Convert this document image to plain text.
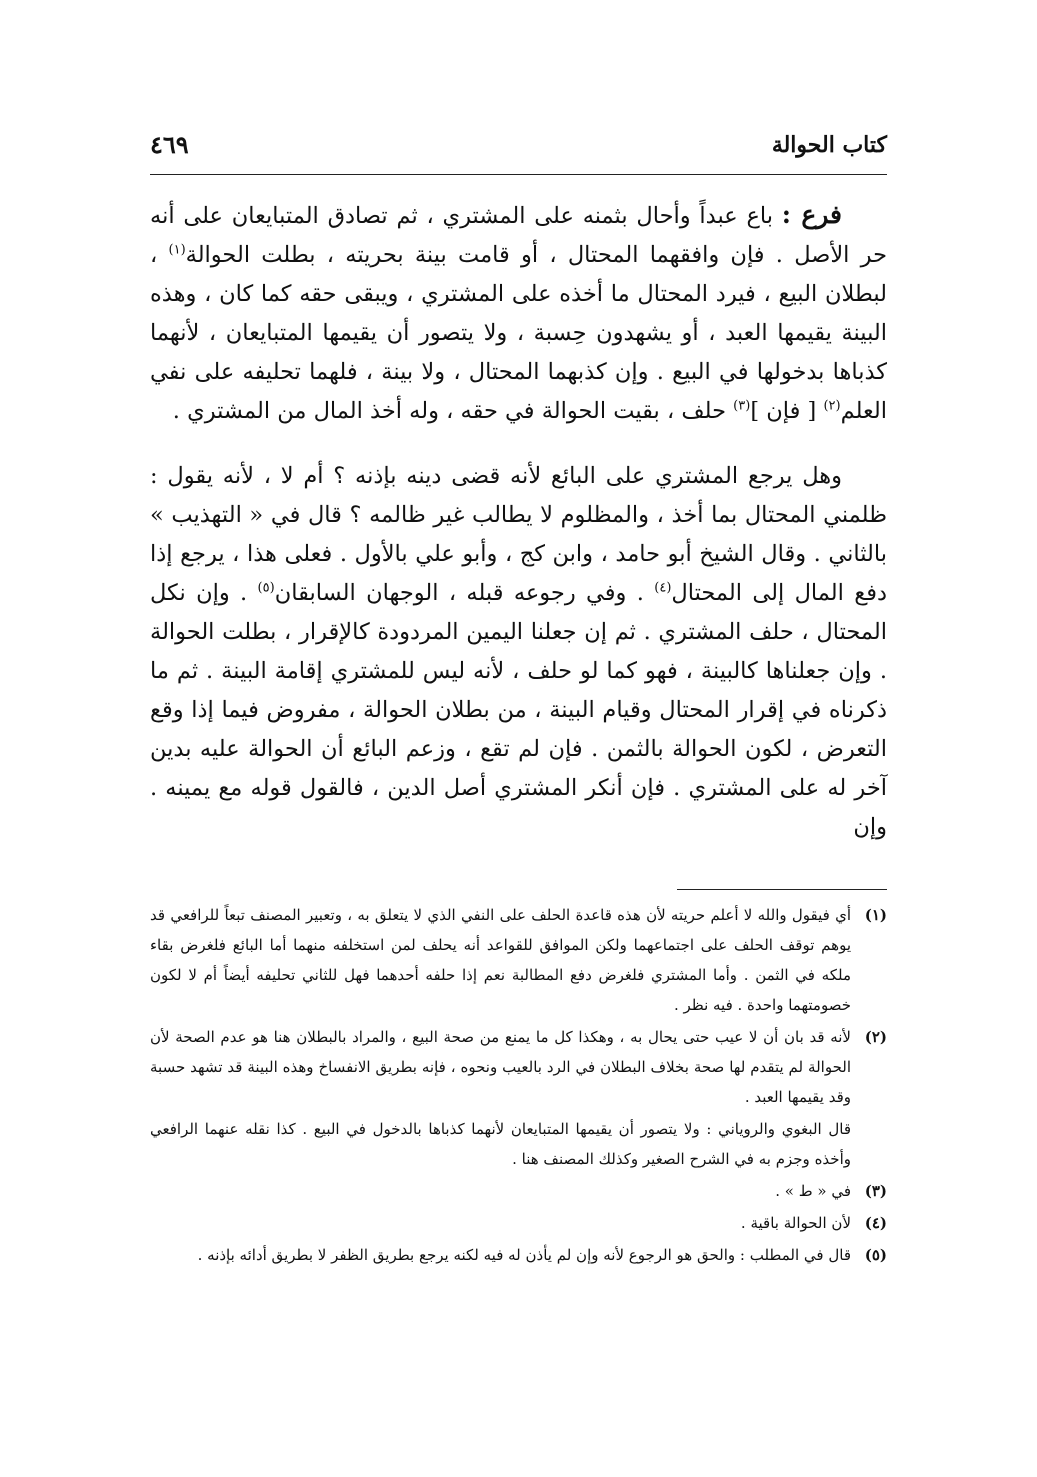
كتاب الحوالة
٤٦٩

فرع : باع عبداً وأحال بثمنه على المشتري ، ثم تصادق المتبايعان على أنه حر الأصل . فإن وافقهما المحتال ، أو قامت بينة بحريته ، بطلت الحوالة$^{(١)}$ ، لبطلان البيع ، فيرد المحتال ما أخذه على المشتري ، ويبقى حقه كما كان ، وهذه البينة يقيمها العبد ، أو يشهدون حِسبة ، ولا يتصور أن يقيمها المتبايعان ، لأنهما كذباها بدخولها في البيع . وإن كذبهما المحتال ، ولا بينة ، فلهما تحليفه على نفي العلم$^{(٢)}$ [ فإن ]$^{(٣)}$ حلف ، بقيت الحوالة في حقه ، وله أخذ المال من المشتري .

وهل يرجع المشتري على البائع لأنه قضى دينه بإذنه ؟ أم لا ، لأنه يقول : ظلمني المحتال بما أخذ ، والمظلوم لا يطالب غير ظالمه ؟ قال في « التهذيب » بالثاني . وقال الشيخ أبو حامد ، وابن كج ، وأبو علي بالأول . فعلى هذا ، يرجع إذا دفع المال إلى المحتال$^{(٤)}$ . وفي رجوعه قبله ، الوجهان السابقان$^{(٥)}$ . وإن نكل المحتال ، حلف المشتري . ثم إن جعلنا اليمين المردودة كالإقرار ، بطلت الحوالة . وإن جعلناها كالبينة ، فهو كما لو حلف ، لأنه ليس للمشتري إقامة البينة . ثم ما ذكرناه في إقرار المحتال وقيام البينة ، من بطلان الحوالة ، مفروض فيما إذا وقع التعرض ، لكون الحوالة بالثمن . فإن لم تقع ، وزعم البائع أن الحوالة عليه بدين آخر له على المشتري . فإن أنكر المشتري أصل الدين ، فالقول قوله مع يمينه . وإن

(١)
أي فيقول والله لا أعلم حريته لأن هذه قاعدة الحلف على النفي الذي لا يتعلق به ، وتعبير المصنف تبعاً للرافعي قد يوهم توقف الحلف على اجتماعهما ولكن الموافق للقواعد أنه يحلف لمن استخلفه منهما أما البائع فلغرض بقاء ملكه في الثمن . وأما المشتري فلغرض دفع المطالبة نعم إذا حلفه أحدهما فهل للثاني تحليفه أيضاً أم لا لكون خصومتهما واحدة . فيه نظر .
(٢)
لأنه قد بان أن لا عيب حتى يحال به ، وهكذا كل ما يمنع من صحة البيع ، والمراد بالبطلان هنا هو عدم الصحة لأن الحوالة لم يتقدم لها صحة بخلاف البطلان في الرد بالعيب ونحوه ، فإنه بطريق الانفساخ وهذه البينة قد تشهد حسبة وقد يقيمها العبد .
قال البغوي والروياني : ولا يتصور أن يقيمها المتبايعان لأنهما كذباها بالدخول في البيع . كذا نقله عنهما الرافعي وأخذه وجزم به في الشرح الصغير وكذلك المصنف هنا .
(٣)
في « ط » .
(٤)
لأن الحوالة باقية .
(٥)
قال في المطلب : والحق هو الرجوع لأنه وإن لم يأذن له فيه لكنه يرجع بطريق الظفر لا بطريق أدائه بإذنه .
